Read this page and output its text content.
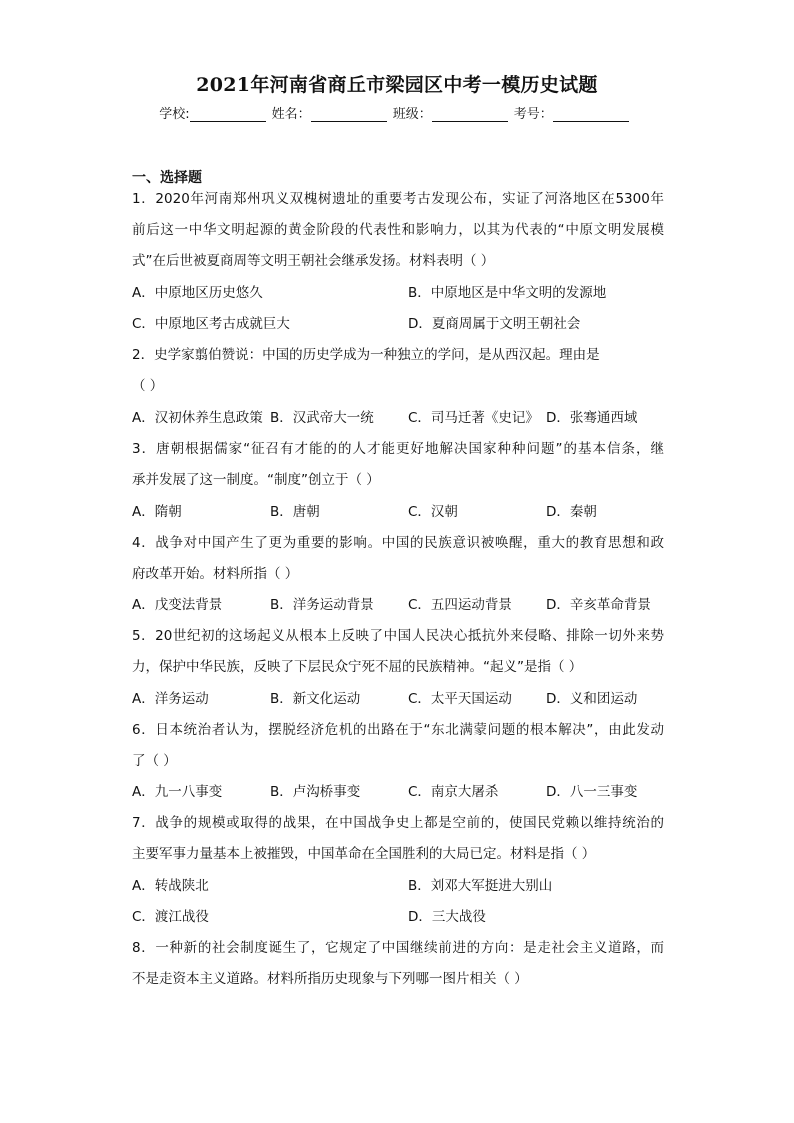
2021年河南省商丘市梁园区中考一模历史试题
学校:	姓名：	班级：	考号：
一、选择题

1．2020年河南郑州巩义双槐树遗址的重要考古发现公布，实证了河洛地区在5300年

前后这一中华文明起源的黄金阶段的代表性和影响力，以其为代表的“中原文明发展模

式”在后世被夏商周等文明王朝社会继承发扬。材料表明（ ）

A．中原地区历史悠久	B．中原地区是中华文明的发源地
C．中原地区考古成就巨大	D．夏商周属于文明王朝社会

2．史学家翦伯赞说：中国的历史学成为一种独立的学问，是从西汉起。理由是

（ ）

A．汉初休养生息政策 B．汉武帝大一统	C．司马迁著《史记》 D．张骞通西域

3．唐朝根据儒家“征召有才能的的人才能更好地解决国家种种问题”的基本信条，继

承并发展了这一制度。“制度”创立于（ ）

A．隋朝	B．唐朝	C．汉朝	D．秦朝

4．战争对中国产生了更为重要的影响。中国的民族意识被唤醒，重大的教育思想和政

府改革开始。材料所指（ ）

A．戊变法背景	B．洋务运动背景	C．五四运动背景	D．辛亥革命背景

5．20世纪初的这场起义从根本上反映了中国人民决心抵抗外来侵略、排除一切外来势

力，保护中华民族，反映了下层民众宁死不屈的民族精神。“起义”是指（ ）

A．洋务运动	B．新文化运动	C．太平天国运动	D．义和团运动

6．日本统治者认为，摆脱经济危机的出路在于“东北满蒙问题的根本解决”，由此发动

了（ ）

A．九一八事变	B．卢沟桥事变	C．南京大屠杀	D．八一三事变

7．战争的规模或取得的战果，在中国战争史上都是空前的，使国民党赖以维持统治的

主要军事力量基本上被摧毁，中国革命在全国胜利的大局已定。材料是指（ ）

A．转战陕北	B．刘邓大军挺进大别山
C．渡江战役	D．三大战役

8．一种新的社会制度诞生了，它规定了中国继续前进的方向：是走社会主义道路，而

不是走资本主义道路。材料所指历史现象与下列哪一图片相关（ ）
